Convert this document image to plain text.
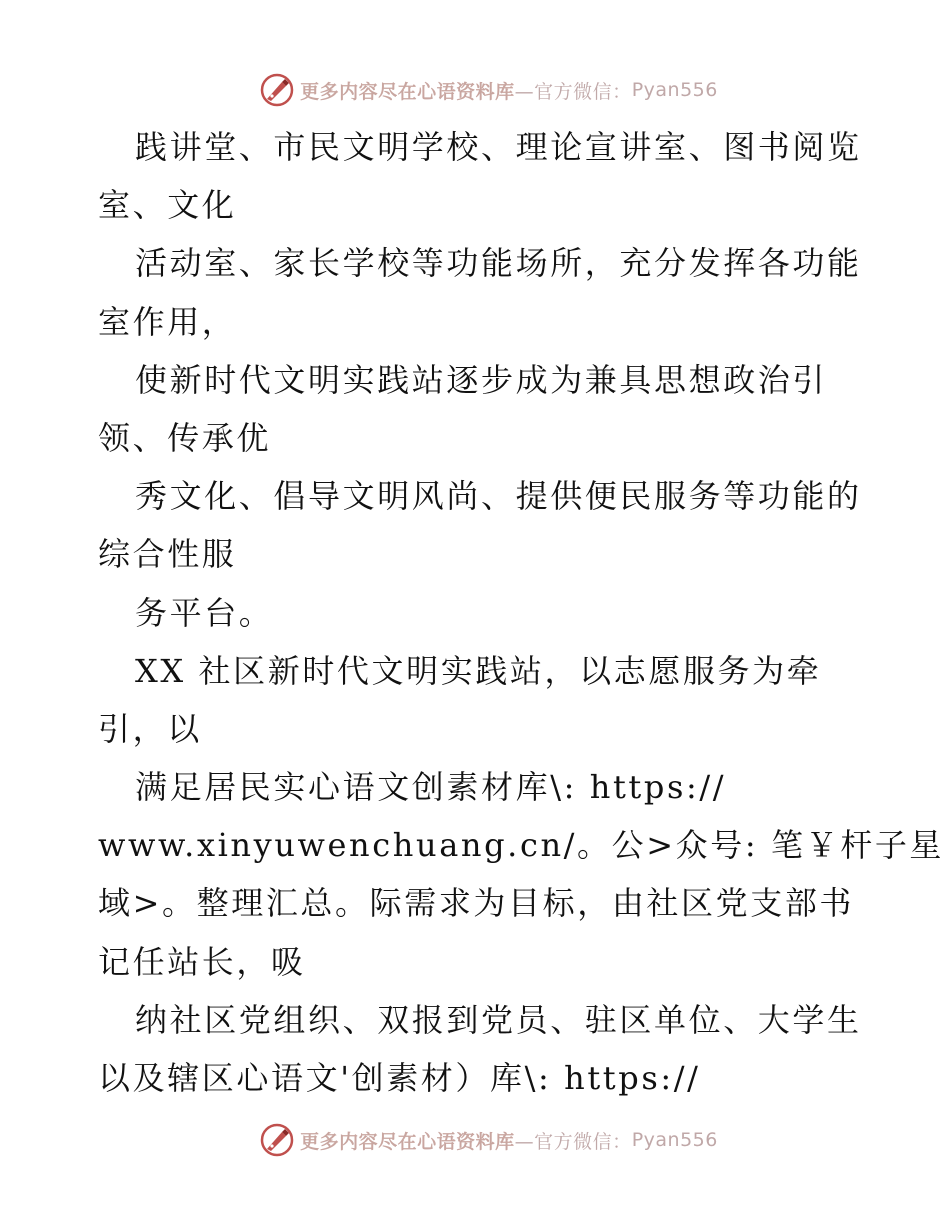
更多内容尽在心语资料库 —官方微信： Pyan556
践讲堂、市民文明学校、理论宣讲室、图书阅览
室、文化
活动室、家长学校等功能场所，充分发挥各功能
室作用，
使新时代文明实践站逐步成为兼具思想政治引
领、传承优
秀文化、倡导文明风尚、提供便民服务等功能的
综合性服
务平台。
XX 社区新时代文明实践站，以志愿服务为牵
引，以
满足居民实心语文创素材库\: https://
www.xinyuwenchuang.cn/。公>众号: 笔￥杆子星
域>。整理汇总。际需求为目标，由社区党支部书
记任站长，吸
纳社区党组织、双报到党员、驻区单位、大学生
以及辖区心语文'创素材）库\: https://
更多内容尽在心语资料库 —官方微信： Pyan556
